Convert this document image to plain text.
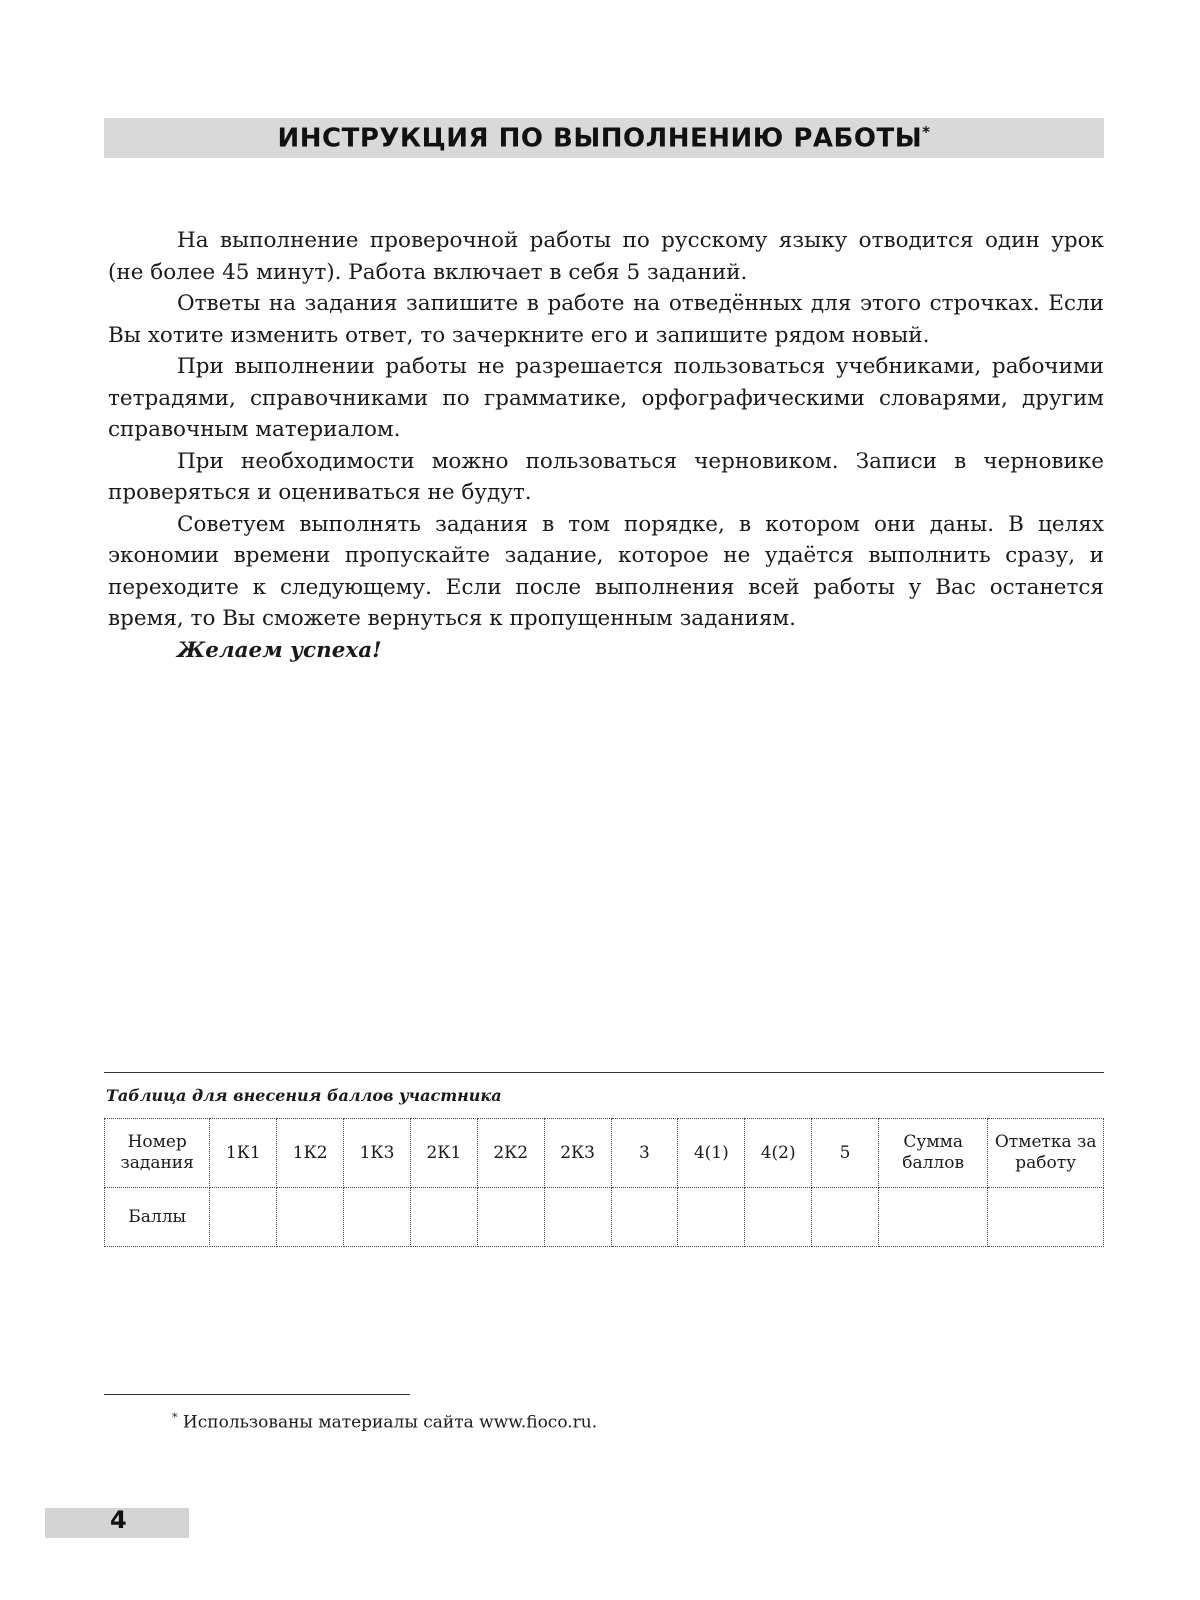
ИНСТРУКЦИЯ ПО ВЫПОЛНЕНИЮ РАБОТЫ*

На выполнение проверочной работы по русскому языку отводится один урок (не более 45 минут). Работа включает в себя 5 заданий.

Ответы на задания запишите в работе на отведённых для этого строчках. Если Вы хотите изменить ответ, то зачеркните его и запишите рядом новый.

При выполнении работы не разрешается пользоваться учебниками, рабочими тетрадями, справочниками по грамматике, орфографическими словарями, другим справочным материалом.

При необходимости можно пользоваться черновиком. Записи в черновике проверяться и оцениваться не будут.

Советуем выполнять задания в том порядке, в котором они даны. В целях экономии времени пропускайте задание, которое не удаётся выполнить сразу, и переходите к следующему. Если после выполнения всей работы у Вас останется время, то Вы сможете вернуться к пропущенным заданиям.

Желаем успеха!

Таблица для внесения баллов участника
Номер задания	1К1	1К2	1К3	2К1	2К2	2К3	3	4(1)	4(2)	5	Сумма баллов	Отметка за работу
Баллы												
* Использованы материалы сайта www.fioco.ru.
4
